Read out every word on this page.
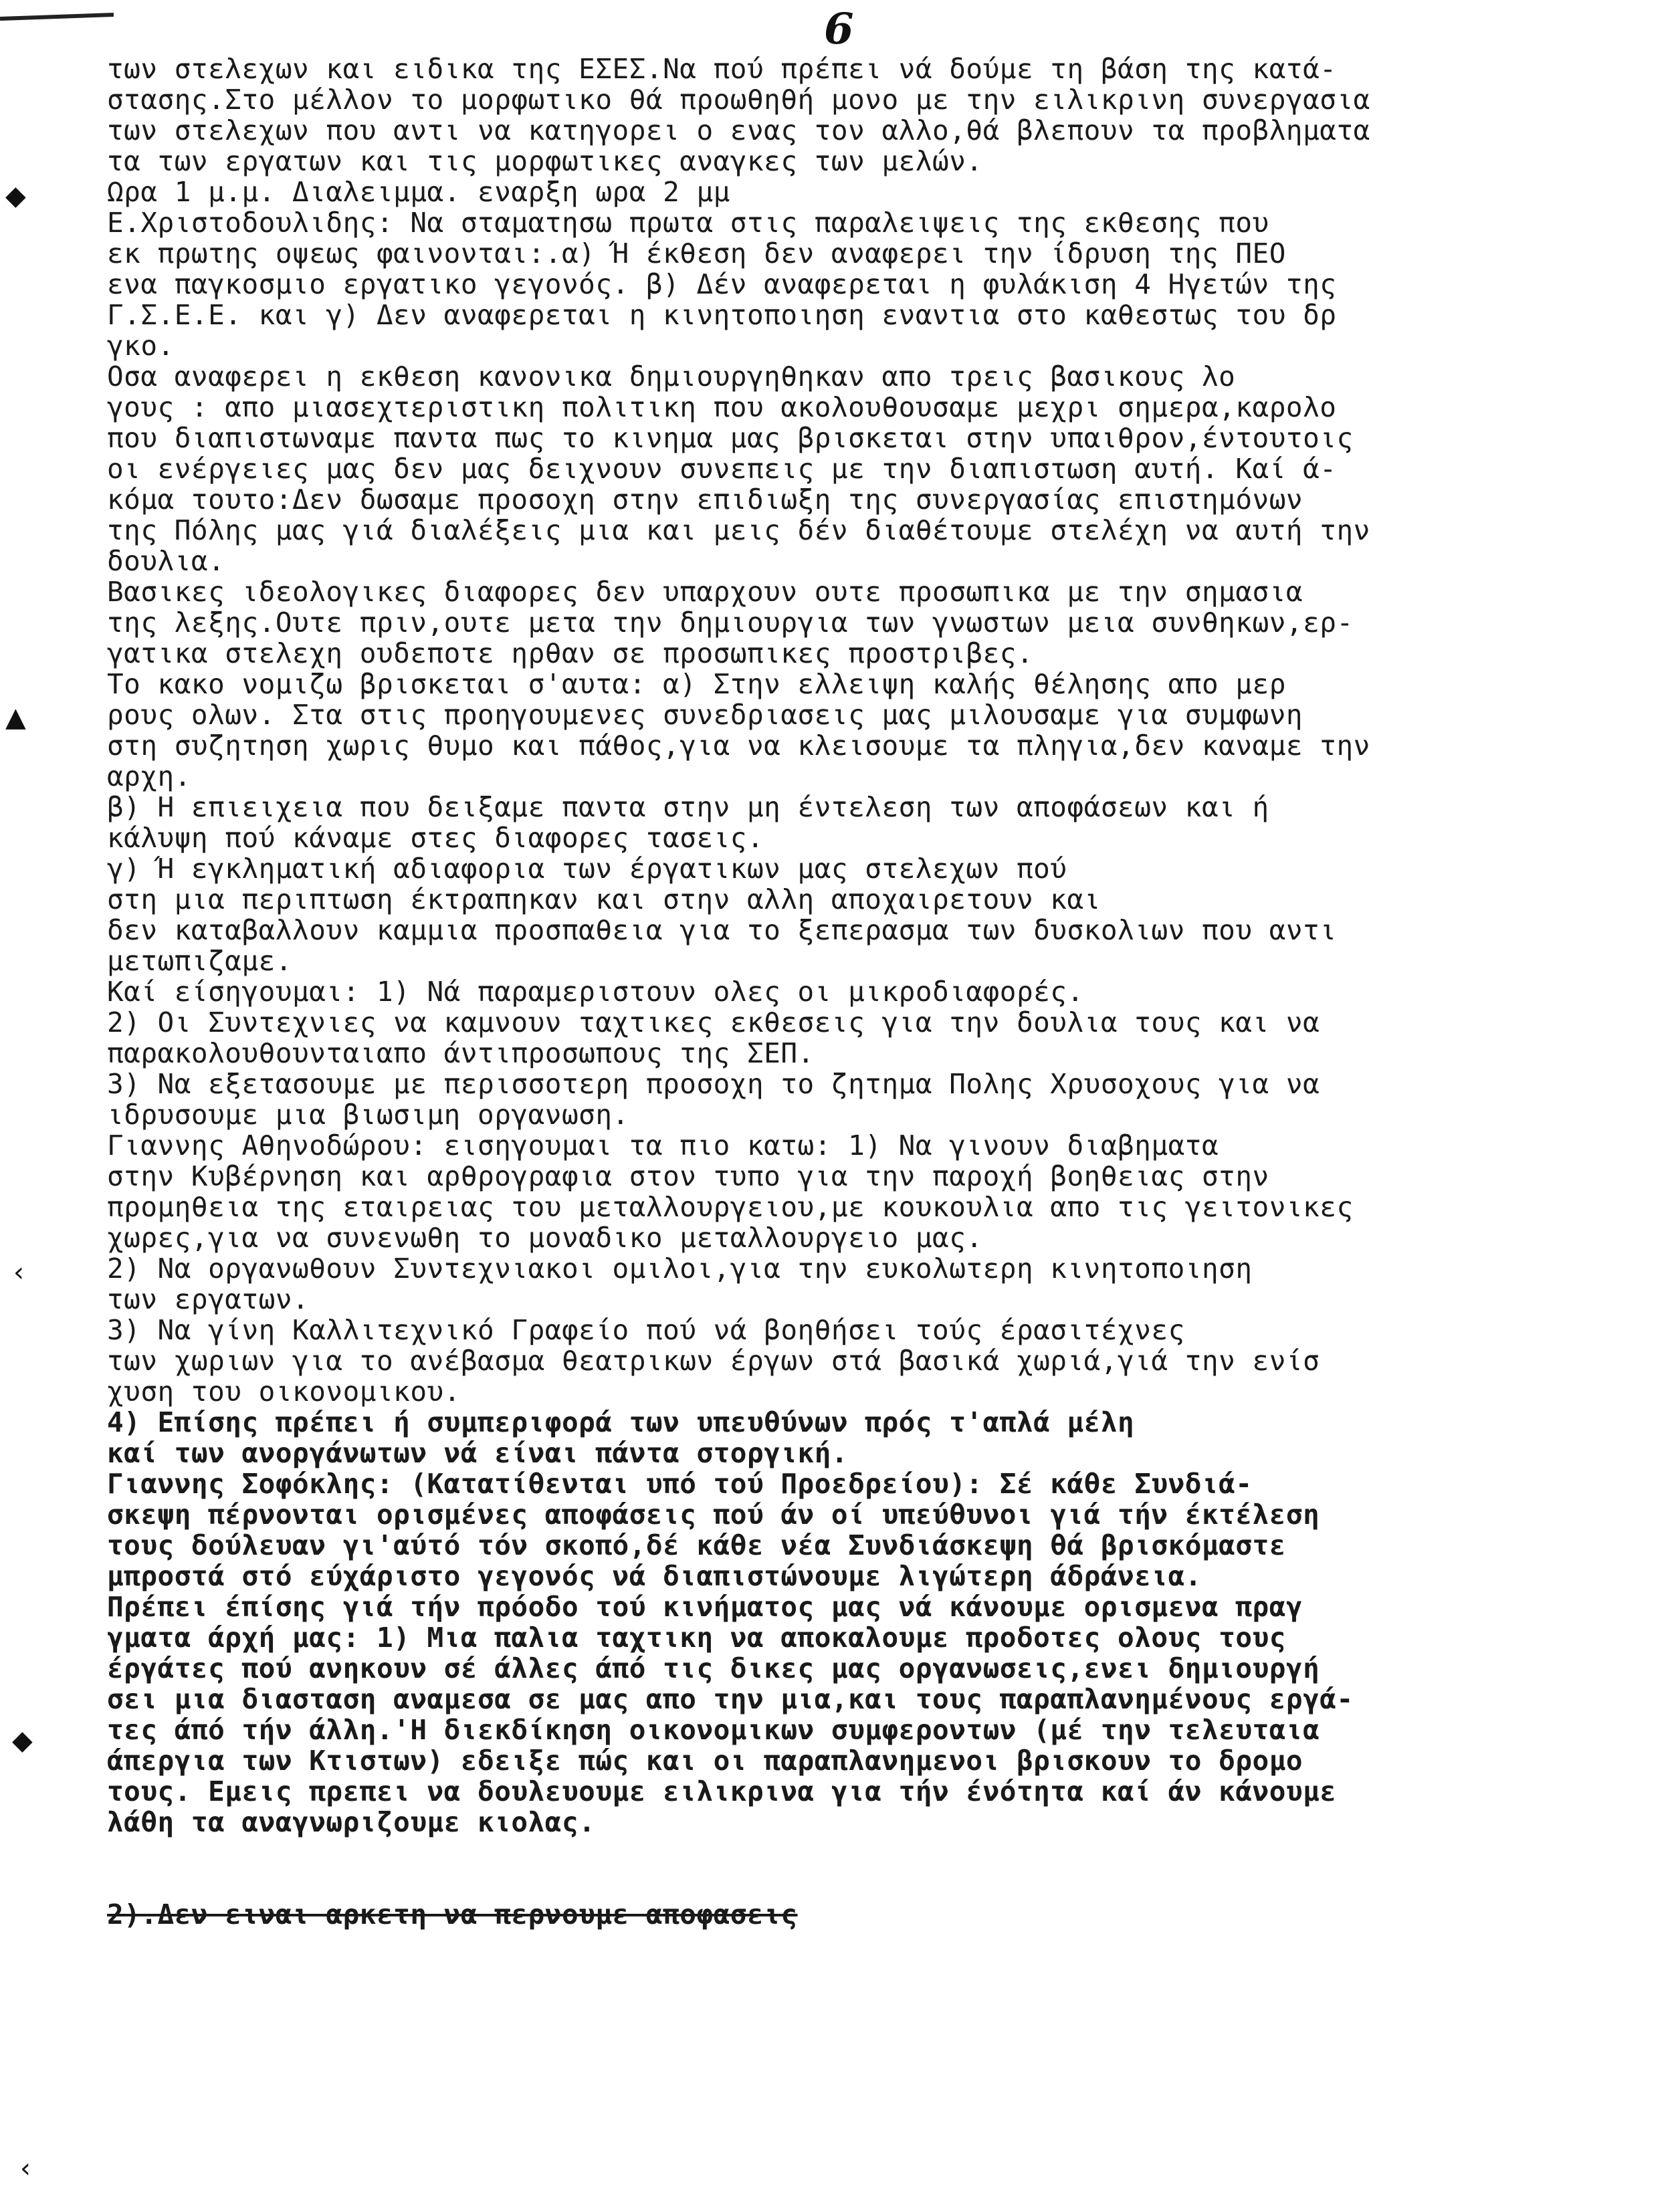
6
◆
▲
‹
◆
‹
των στελεχων και ειδικα της ΕΣΕΣ.Να πού πρέπει νά δούμε τη βάση της κατά-
στασης.Στο μέλλον το μορφωτικο θά προωθηθή μονο με την ειλικρινη συνεργασια
των στελεχων που αντι να κατηγορει ο ενας τον αλλο,θά βλεπουν τα προβληματα
τα των εργατων και τις μορφωτικες αναγκες των μελών.
Ωρα 1 μ.μ. Διαλειμμα. εναρξη ωρα 2 μμ
Ε.Χριστοδουλιδης: Να σταματησω πρωτα στις παραλειψεις της εκθεσης που
εκ πρωτης οψεως φαινονται:.α) Ή έκθεση δεν αναφερει την ίδρυση της ΠΕΟ
ενα παγκοσμιο εργατικο γεγονός. β) Δέν αναφερεται η φυλάκιση 4 Ηγετών της
Γ.Σ.Ε.Ε. και γ) Δεν αναφερεται η κινητοποιηση εναντια στο καθεστως του δρ
γκο.
Οσα αναφερει η εκθεση κανονικα δημιουργηθηκαν απο τρεις βασικους λο
γους : απο μιασεχτεριστικη πολιτικη που ακολουθουσαμε μεχρι σημερα,καρολο
που διαπιστωναμε παντα πως το κινημα μας βρισκεται στην υπαιθρον,έντουτοις
οι ενέργειες μας δεν μας δειχνουν συνεπεις με την διαπιστωση αυτή. Καί ά-
κόμα τουτο:Δεν δωσαμε προσοχη στην επιδιωξη της συνεργασίας επιστημόνων
της Πόλης μας γιά διαλέξεις μια και μεις δέν διαθέτουμε στελέχη να αυτή την
δουλια.
Βασικες ιδεολογικες διαφορες δεν υπαρχουν ουτε προσωπικα με την σημασια
της λεξης.Ουτε πριν,ουτε μετα την δημιουργια των γνωστων μεια συνθηκων,ερ-
γατικα στελεχη ουδεποτε ηρθαν σε προσωπικες προστριβες.
Το κακο νομιζω βρισκεται σ'αυτα: α) Στην ελλειψη καλής θέλησης απο μερ
ρους ολων. Στα στις προηγουμενες συνεδριασεις μας μιλουσαμε για συμφωνη
στη συζητηση χωρις θυμο και πάθος,για να κλεισουμε τα πληγια,δεν καναμε την
αρχη.
β) Η επιειχεια που δειξαμε παντα στην μη έντελεση των αποφάσεων και ή
κάλυψη πού κάναμε στες διαφορες τασεις.
γ) Ή εγκληματική αδιαφορια των έργατικων μας στελεχων πού
στη μια περιπτωση έκτραπηκαν και στην αλλη αποχαιρετουν και
δεν καταβαλλουν καμμια προσπαθεια για το ξεπερασμα των δυσκολιων που αντι
μετωπιζαμε.
Καί είσηγουμαι: 1) Νά παραμεριστουν ολες οι μικροδιαφορές.
2) Οι Συντεχνιες να καμνουν ταχτικες εκθεσεις για την δουλια τους και να
παρακολουθουνταιαπο άντιπροσωπους της ΣΕΠ.
3) Να εξετασουμε με περισσοτερη προσοχη το ζητημα Πολης Χρυσοχους για να
ιδρυσουμε μια βιωσιμη οργανωση.
Γιαννης Αθηνοδώρου: εισηγουμαι τα πιο κατω: 1) Να γινουν διαβηματα
στην Κυβέρνηση και αρθρογραφια στον τυπο για την παροχή βοηθειας στην
προμηθεια της εταιρειας του μεταλλουργειου,με κουκουλια απο τις γειτονικες
χωρες,για να συνενωθη το μοναδικο μεταλλουργειο μας.
2) Να οργανωθουν Συντεχνιακοι ομιλοι,για την ευκολωτερη κινητοποιηση
των εργατων.
3) Να γίνη Καλλιτεχνικό Γραφείο πού νά βοηθήσει τούς έρασιτέχνες
των χωριων για το ανέβασμα θεατρικων έργων στά βασικά χωριά,γιά την ενίσ
χυση του οικονομικου.
4) Επίσης πρέπει ή συμπεριφορά των υπευθύνων πρός τ'απλά μέλη
καί των ανοργάνωτων νά είναι πάντα στοργική.
Γιαννης Σοφόκλης: (Κατατίθενται υπό τού Προεδρείου): Σέ κάθε Συνδιά-
σκεψη πέρνονται ορισμένες αποφάσεις πού άν οί υπεύθυνοι γιά τήν έκτέλεση
τους δούλευαν γι'αύτό τόν σκοπό,δέ κάθε νέα Συνδιάσκεψη θά βρισκόμαστε
μπροστά στό εύχάριστο γεγονός νά διαπιστώνουμε λιγώτερη άδράνεια.
Πρέπει έπίσης γιά τήν πρόοδο τού κινήματος μας νά κάνουμε ορισμενα πραγ
γματα άρχή μας: 1) Μια παλια ταχτικη να αποκαλουμε προδοτες ολους τους
έργάτες πού ανηκουν σέ άλλες άπό τις δικες μας οργανωσεις,ενει δημιουργή
σει μια διασταση αναμεσα σε μας απο την μια,και τους παραπλανημένους εργά-
τες άπό τήν άλλη.'Η διεκδίκηση οικονομικων συμφεροντων (μέ την τελευταια
άπεργια των Κτιστων) εδειξε πώς και οι παραπλανημενοι βρισκουν το δρομο
τους. Εμεις πρεπει να δουλευουμε ειλικρινα για τήν ένότητα καί άν κάνουμε
λάθη τα αναγνωριζουμε κιολας.
2).Δεν ειναι αρκετη να περνουμε αποφασεις
